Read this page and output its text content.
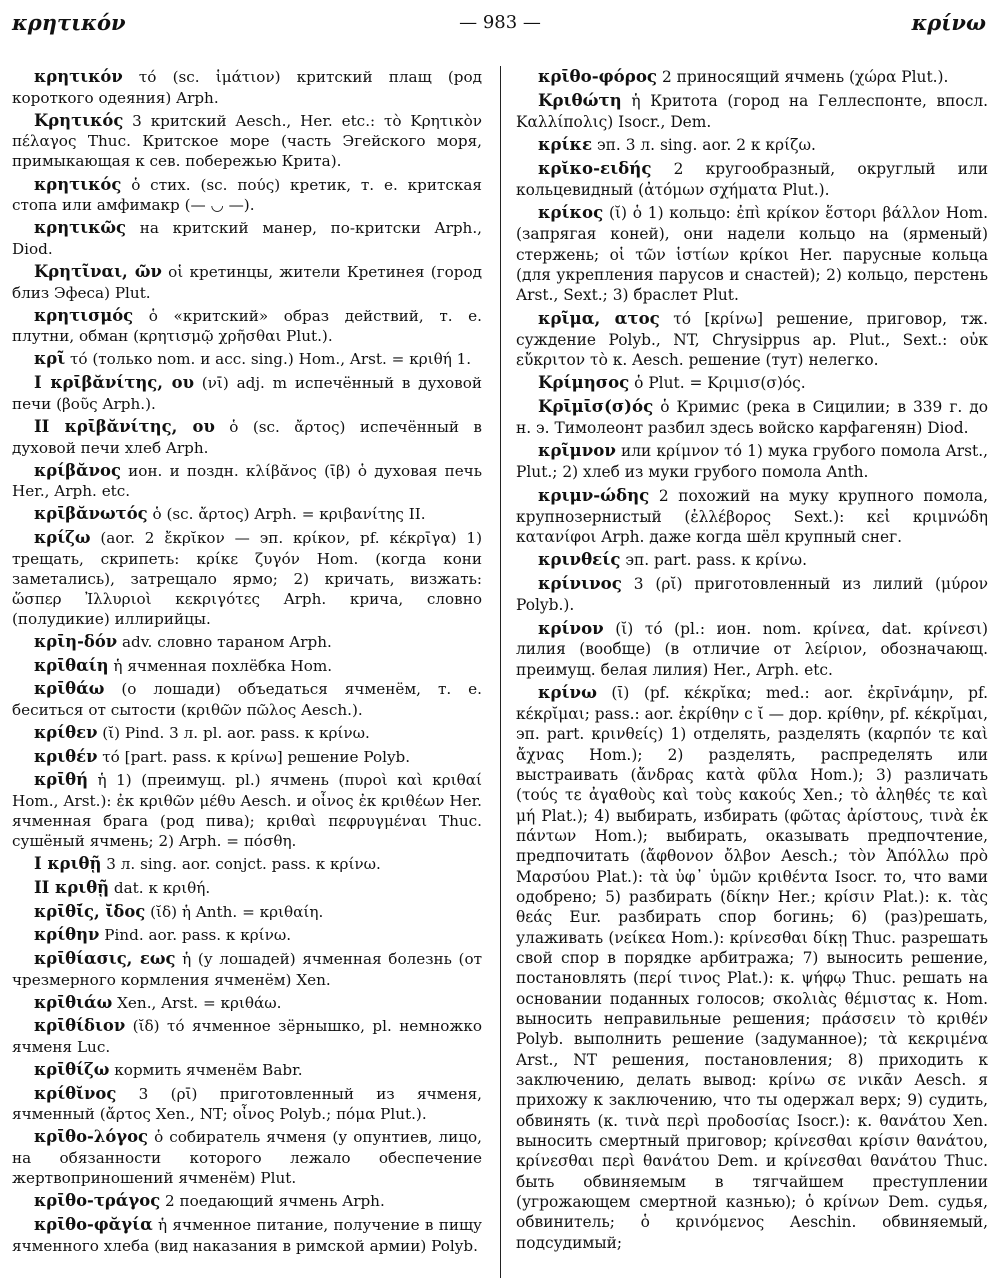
κρητικόν	— 983 —	κρίνω

κρητικόν τό (sc. ἱμάτιον) критский плащ (род коpоткого одеяния) Arph.

Κρητικός 3 критский Aesch., Her. etc.: τὸ Κρητικὸν πέλαγος Thuc. Критское море (часть Эгейского моря, примыкающая к сев. побережью Крита).

κρητικός ὁ стих. (sc. πούς) кретик, т. е. критская стопа или амфимакр (— ◡ —).

κρητικῶς на критский манер, по-критски Arph., Diod.

Κρητῖναι, ῶν οἱ кретинцы, жители Кретинея (город близ Эфеса) Plut.

κρητισμός ὁ «критский» образ действий, т. е. плутни, обман (κρητισμῷ χρῆσθαι Plut.).

κρῖ τό (только nom. и acc. sing.) Hom., Arst. = κριθή 1.

I κρῑβᾰνίτης, ου (νῑ) adj. m испечённый в духовой печи (βοῦς Arph.).

II κρῑβᾰνίτης, ου ὁ (sc. ἄρτος) испечённый в духовой печи хлеб Arph.

κρίβᾰνος ион. и поздн. κλίβᾰνος (ῑβ) ὁ духовая печь Her., Arph. etc.

κρῑβᾰνωτός ὁ (sc. ἄρτος) Arph. = κριβανίτης II.

κρίζω (aor. 2 ἔκρῐκον — эп. κρίκον, pf. κέκρῑγα) 1) трещать, скрипеть: κρίκε ζυγόν Hom. (когда кони заметались), затрещало ярмо; 2) кричать, визжать: ὥσπερ Ἰλλυριοὶ κεκριγότες Arph. крича, словно (полудикие) иллирийцы.

κρῑη-δόν adv. словно тараном Arph.

κρῑθαίη ἡ ячменная похлёбка Hom.

κρῑθάω (о лошади) объедаться ячменём, т. е. беситься от сытости (κριθῶν πῶλος Aesch.).

κρίθεν (ῐ) Pind. 3 л. pl. aor. pass. к κρίνω.

κριθέν τό [part. pass. к κρίνω] решение Polyb.

κρῑθή ἡ 1) (преимущ. pl.) ячмень (πυροὶ καὶ κριθαί Hom., Arst.): ἐκ κριθῶν μέθυ Aesch. и οἶνος ἐκ κριθέων Her. ячменная брага (род пива); κριθαὶ πεφρυγμέναι Thuc. сушёный ячмень; 2) Arph. = πόσθη.

I κριθῇ 3 л. sing. aor. conjct. pass. к κρίνω.

II κριθῇ dat. к κριθή.

κρῑθῑ́ς, ῐ̄δος (ῐδ) ἡ Anth. = κριθαίη.

κρίθην Pind. aor. pass. к κρίνω.

κρῑθίασις, εως ἡ (у лошадей) ячменная болезнь (от чрезмерного кормления ячменём) Xen.

κρῑθιάω Xen., Arst. = κριθάω.

κρῑθίδιον (ῐδ) τό ячменное зёрнышко, pl. немножко ячменя Luc.

κρῑθίζω кормить ячменём Babr.

κρίθῐνος 3 (ρῑ) приготовленный из ячменя, ячменный (ἄρτος Xen., NT; οἶνος Polyb.; πόμα Plut.).

κρῑθο-λόγος ὁ собиратель ячменя (у опунтиев, лицо, на обязанности которого лежало обеспечение жертвоприношений ячменём) Plut.

κρῑθο-τράγος 2 поедающий ячмень Arph.

κρῑθο-φᾰγία ἡ ячменное питание, получение в пищу ячменного хлеба (вид наказания в римской армии) Polyb.

κρῑθο-φόρος 2 приносящий ячмень (χώρα Plut.).

Κριθώτη ἡ Критота (город на Геллеспонте, впосл. Καλλίπολις) Isocr., Dem.

κρίκε эп. 3 л. sing. aor. 2 к κρίζω.

κρῐκο-ειδής 2 кругообразный, округлый или кольцевидный (ἀτόμων σχήματα Plut.).

κρίκος (ῐ) ὁ 1) кольцо: ἐπὶ κρίκον ἕστορι βάλλον Hom. (запрягая коней), они надели кольцо на (ярменый) стержень; οἱ τῶν ἱστίων κρίκοι Her. парусные кольца (для укрепления парусов и снастей); 2) кольцо, перстень Arst., Sext.; 3) браслет Plut.

κρῖμα, ατος τό [κρίνω] решение, приговор, тж. суждение Polyb., NT, Chrysippus ap. Plut., Sext.: οὐκ εὔκριτον τὸ κ. Aesch. решение (тут) нелегко.

Κρίμησος ὁ Plut. = Κριμισ(σ)ός.

Κρῑμῑσ(σ)ός ὁ Кримис (река в Сицилии; в 339 г. до н. э. Тимолеонт разбил здесь войско карфагенян) Diod.

κρῖμνον или κρίμνον τό 1) мука грубого помола Arst., Plut.; 2) хлеб из муки грубого помола Anth.

κριμν-ώδης 2 похожий на муку крупного помола, крупнозернистый (ἐλλέβορος Sext.): κεἰ κριμνώδη κατανίφοι Arph. даже когда шёл крупный снег.

κρινθείς эп. part. pass. к κρίνω.

κρίνινος 3 (ρῐ) приготовленный из лилий (μύρον Polyb.).

κρίνον (ῐ) τό (pl.: ион. nom. κρίνεα, dat. κρίνεσι) лилия (вообще) (в отличие от λείριον, обозначающ. преимущ. белая лилия) Her., Arph. etc.

κρίνω (ῑ) (pf. κέκρῐκα; med.: aor. ἐκρῑνάμην, pf. κέκρῐμαι; pass.: aor. ἐκρίθην с ῐ — дор. κρίθην, pf. κέκρῐμαι, эп. part. κρινθείς) 1) отделять, разделять (καρπόν τε καὶ ἄχνας Hom.); 2) разделять, распределять или выстраивать (ἄνδρας κατὰ φῦλα Hom.); 3) различать (τούς τε ἀγαθοὺς καὶ τοὺς κακούς Xen.; τὸ ἀληθές τε καὶ μή Plat.); 4) выбирать, избирать (φῶτας ἀρίστους, τινὰ ἐκ πάντων Hom.); выбирать, оказывать предпочтение, предпочитать (ἄφθονον ὄλβον Aesch.; τὸν Ἀπόλλω πρὸ Μαρσύου Plat.): τὰ ὑφ᾽ ὑμῶν κριθέντα Isocr. то, что вами одобрено; 5) разбирать (δίκην Her.; κρίσιν Plat.): κ. τὰς θεάς Eur. разбирать спор богинь; 6) (раз)решать, улаживать (νείκεα Hom.): κρίνεσθαι δίκῃ Thuc. разрешать свой спор в порядке арбитража; 7) выносить решение, постановлять (περί τινος Plat.): κ. ψήφῳ Thuc. решать на основании поданных голосов; σκολιὰς θέμιστας κ. Hom. выносить неправильные решения; πράσσειν τὸ κριθέν Polyb. выполнить решение (задуманное); τὰ κεκριμένα Arst., NT решения, постановления; 8) приходить к заключению, делать вывод: κρίνω σε νικᾶν Aesch. я прихожу к заключению, что ты одержал верх; 9) судить, обвинять (κ. τινὰ περὶ προδοσίας Isocr.): κ. θανάτου Xen. выносить смертный приговор; κρίνεσθαι κρίσιν θανάτου, κρίνεσθαι περὶ θανάτου Dem. и κρίνεσθαι θανάτου Thuc. быть обвиняемым в тягчайшем преступлении (угрожающем смертной казнью); ὁ κρίνων Dem. судья, обвинитель; ὁ κρινόμενος Aeschin. обвиняемый, подсудимый;
